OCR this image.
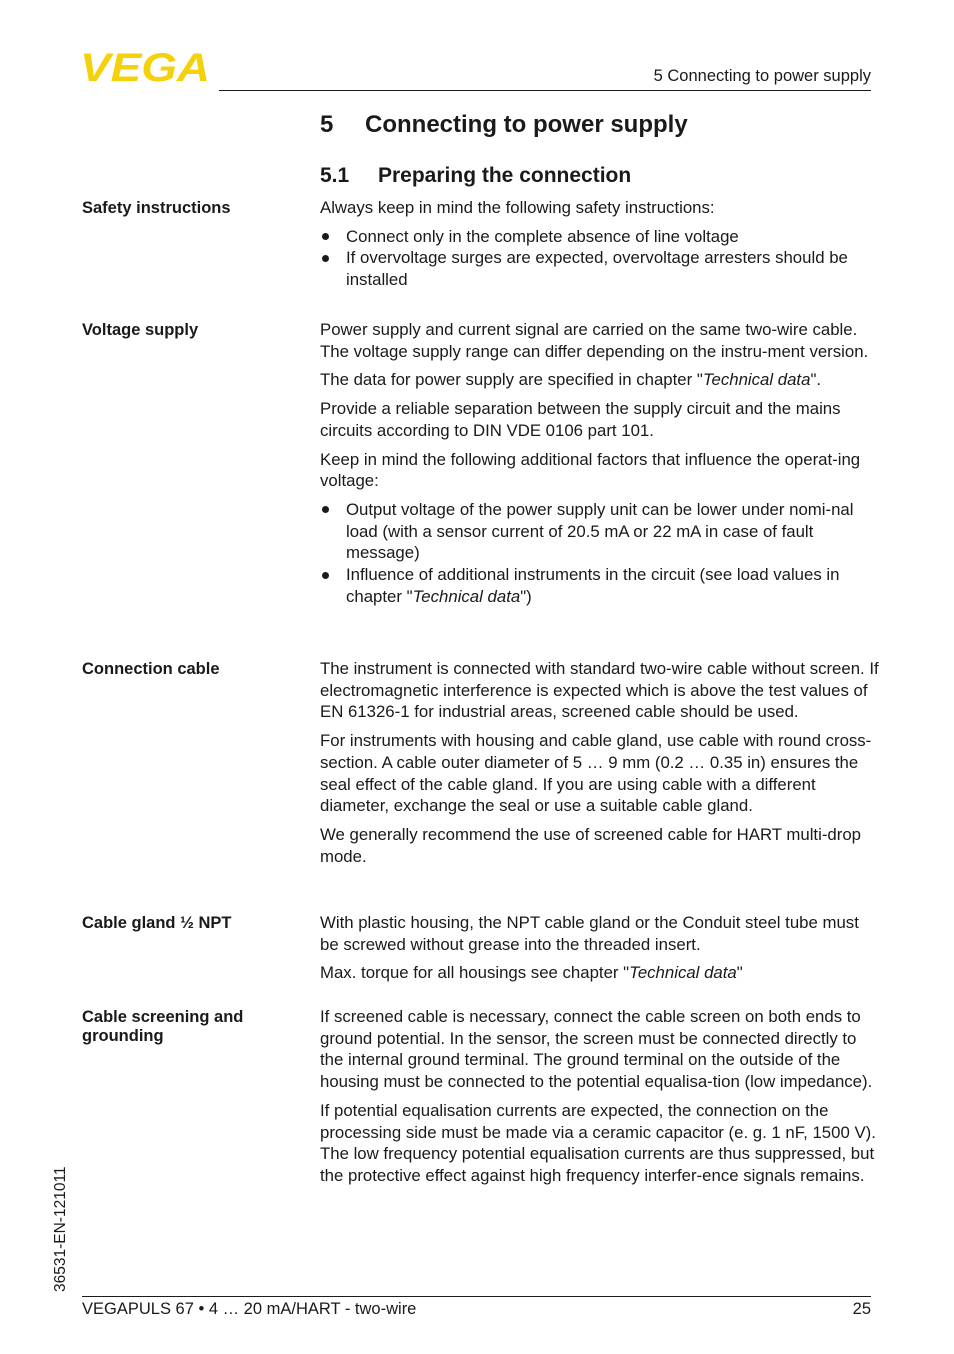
VEGA	5 Connecting to power supply
5 Connecting to power supply
5.1 Preparing the connection
Safety instructions	Always keep in mind the following safety instructions:

Connect only in the complete absence of line voltage
If overvoltage surges are expected, overvoltage arresters should be installed
Voltage supply	Power supply and current signal are carried on the same two-wire cable. The voltage supply range can differ depending on the instru-ment version.

The data for power supply are specified in chapter "Technical data".

Provide a reliable separation between the supply circuit and the mains circuits according to DIN VDE 0106 part 101.

Keep in mind the following additional factors that influence the operat-ing voltage:

Output voltage of the power supply unit can be lower under nomi-nal load (with a sensor current of 20.5 mA or 22 mA in case of fault message)
Influence of additional instruments in the circuit (see load values in chapter "Technical data")
Connection cable	The instrument is connected with standard two-wire cable without screen. If electromagnetic interference is expected which is above the test values of EN 61326-1 for industrial areas, screened cable should be used.

For instruments with housing and cable gland, use cable with round cross-section. A cable outer diameter of 5 … 9 mm (0.2 … 0.35 in) ensures the seal effect of the cable gland. If you are using cable with a different diameter, exchange the seal or use a suitable cable gland.

We generally recommend the use of screened cable for HART multi-drop mode.

Cable gland ½ NPT	With plastic housing, the NPT cable gland or the Conduit steel tube must be screwed without grease into the threaded insert.

Max. torque for all housings see chapter "Technical data"

Cable screening and grounding

If screened cable is necessary, connect the cable screen on both ends to ground potential. In the sensor, the screen must be connected directly to the internal ground terminal. The ground terminal on the outside of the housing must be connected to the potential equalisa-tion (low impedance).

If potential equalisation currents are expected, the connection on the processing side must be made via a ceramic capacitor (e. g. 1 nF, 1500 V). The low frequency potential equalisation currents are thus suppressed, but the protective effect against high frequency interfer-ence signals remains.

36531-EN-121011
VEGAPULS 67 • 4 … 20 mA/HART - two-wire	25
